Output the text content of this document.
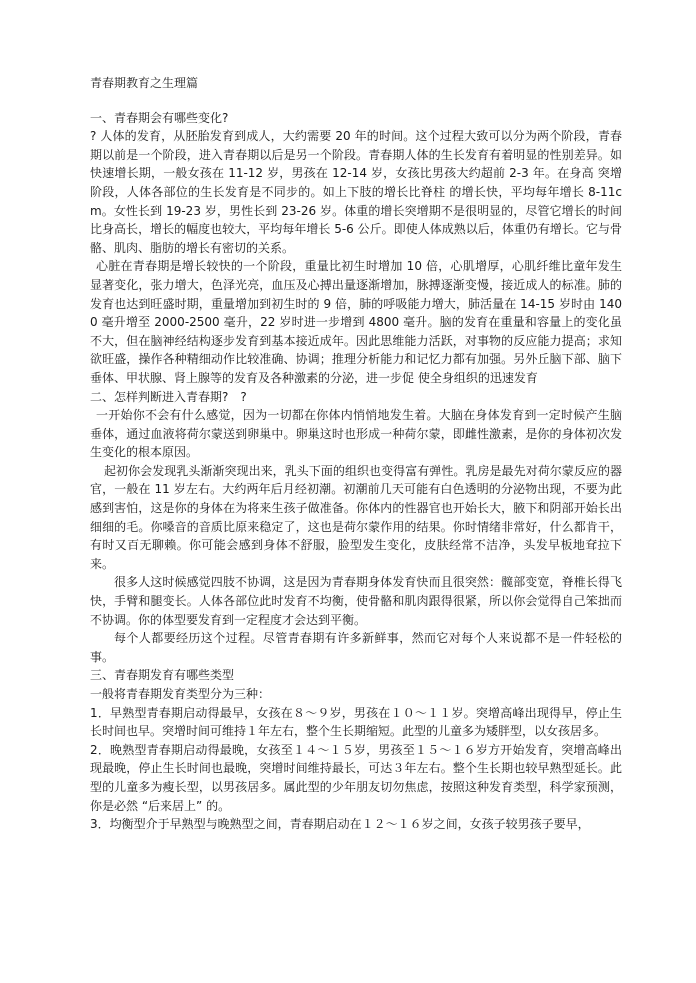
青春期教育之生理篇

一、青春期会有哪些变化?

? 人体的发育，从胚胎发育到成人，大约需要 20 年的时间。这个过程大致可以分为两个阶段，青春期以前是一个阶段，进入青春期以后是另一个阶段。青春期人体的生长发育有着明显的性别差异。如快速增长期，一般女孩在 11-12 岁，男孩在 12-14 岁，女孩比男孩大约超前 2-3 年。在身高 突增阶段，人体各部位的生长发育是不同步的。如上下肢的增长比脊柱 的增长快，平均每年增长 8-11cm。女性长到 19-23 岁，男性长到 23-26 岁。体重的增长突增期不是很明显的，尽管它增长的时间比身高长，增长的幅度也较大，平均每年增长 5-6 公斤。即使人体成熟以后，体重仍有增长。它与骨骼、肌肉、脂肪的增长有密切的关系。

心脏在青春期是增长较快的一个阶段，重量比初生时增加 10 倍，心肌增厚，心肌纤维比童年发生显著变化，张力增大，色泽光亮，血压及心搏出量逐渐增加，脉搏逐渐变慢，接近成人的标准。肺的发育也达到旺盛时期，重量增加到初生时的 9 倍，肺的呼吸能力增大，肺活量在 14-15 岁时由 1400 毫升增至 2000-2500 毫升，22 岁时进一步增到 4800 毫升。脑的发育在重量和容量上的变化虽不大，但在脑神经结构逐步发育到基本接近成年。因此思维能力活跃，对事物的反应能力提高；求知欲旺盛，操作各种精细动作比较准确、协调；推理分析能力和记忆力都有加强。另外丘脑下部、脑下垂体、甲状腺、肾上腺等的发育及各种激素的分泌，进一步促 使全身组织的迅速发育

二、怎样判断进入青春期?　?

一开始你不会有什么感觉，因为一切都在你体内悄悄地发生着。大脑在身体发育到一定时候产生脑垂体，通过血液将荷尔蒙送到卵巢中。卵巢这时也形成一种荷尔蒙，即雌性激素，是你的身体初次发生变化的根本原因。

起初你会发现乳头渐渐突现出来，乳头下面的组织也变得富有弹性。乳房是最先对荷尔蒙反应的器官，一般在 11 岁左右。大约两年后月经初潮。初潮前几天可能有白色透明的分泌物出现，不要为此感到害怕，这是你的身体在为将来生孩子做准备。你体内的性器官也开始长大，腋下和阴部开始长出细细的毛。你嗓音的音质比原来稳定了，这也是荷尔蒙作用的结果。你时情绪非常好，什么都肯干，有时又百无聊赖。你可能会感到身体不舒服，脸型发生变化，皮肤经常不洁净，头发早板地耷拉下来。

很多人这时候感觉四肢不协调，这是因为青春期身体发育快而且很突然：髋部变宽，脊椎长得飞快，手臂和腿变长。人体各部位此时发育不均衡，使骨骼和肌肉跟得很紧，所以你会觉得自己笨拙而不协调。你的体型要发育到一定程度才会达到平衡。

每个人都要经历这个过程。尽管青春期有许多新鲜事，然而它对每个人来说都不是一件轻松的事。

三、青春期发育有哪些类型

一般将青春期发育类型分为三种：

1．早熟型青春期启动得最早，女孩在８～９岁，男孩在１０～１１岁。突增高峰出现得早，停止生长时间也早。突增时间可维持１年左右，整个生长期缩短。此型的儿童多为矮胖型，以女孩居多。

2．晚熟型青春期启动得最晚，女孩至１４～１５岁，男孩至１５～１６岁方开始发育，突增高峰出现最晚，停止生长时间也最晚，突增时间维持最长，可达３年左右。整个生长期也较早熟型延长。此型的儿童多为瘦长型，以男孩居多。属此型的少年朋友切勿焦虑，按照这种发育类型，科学家预测，你是必然 “后来居上” 的。

3．均衡型介于早熟型与晚熟型之间，青春期启动在１２～１６岁之间，女孩子较男孩子要早，
